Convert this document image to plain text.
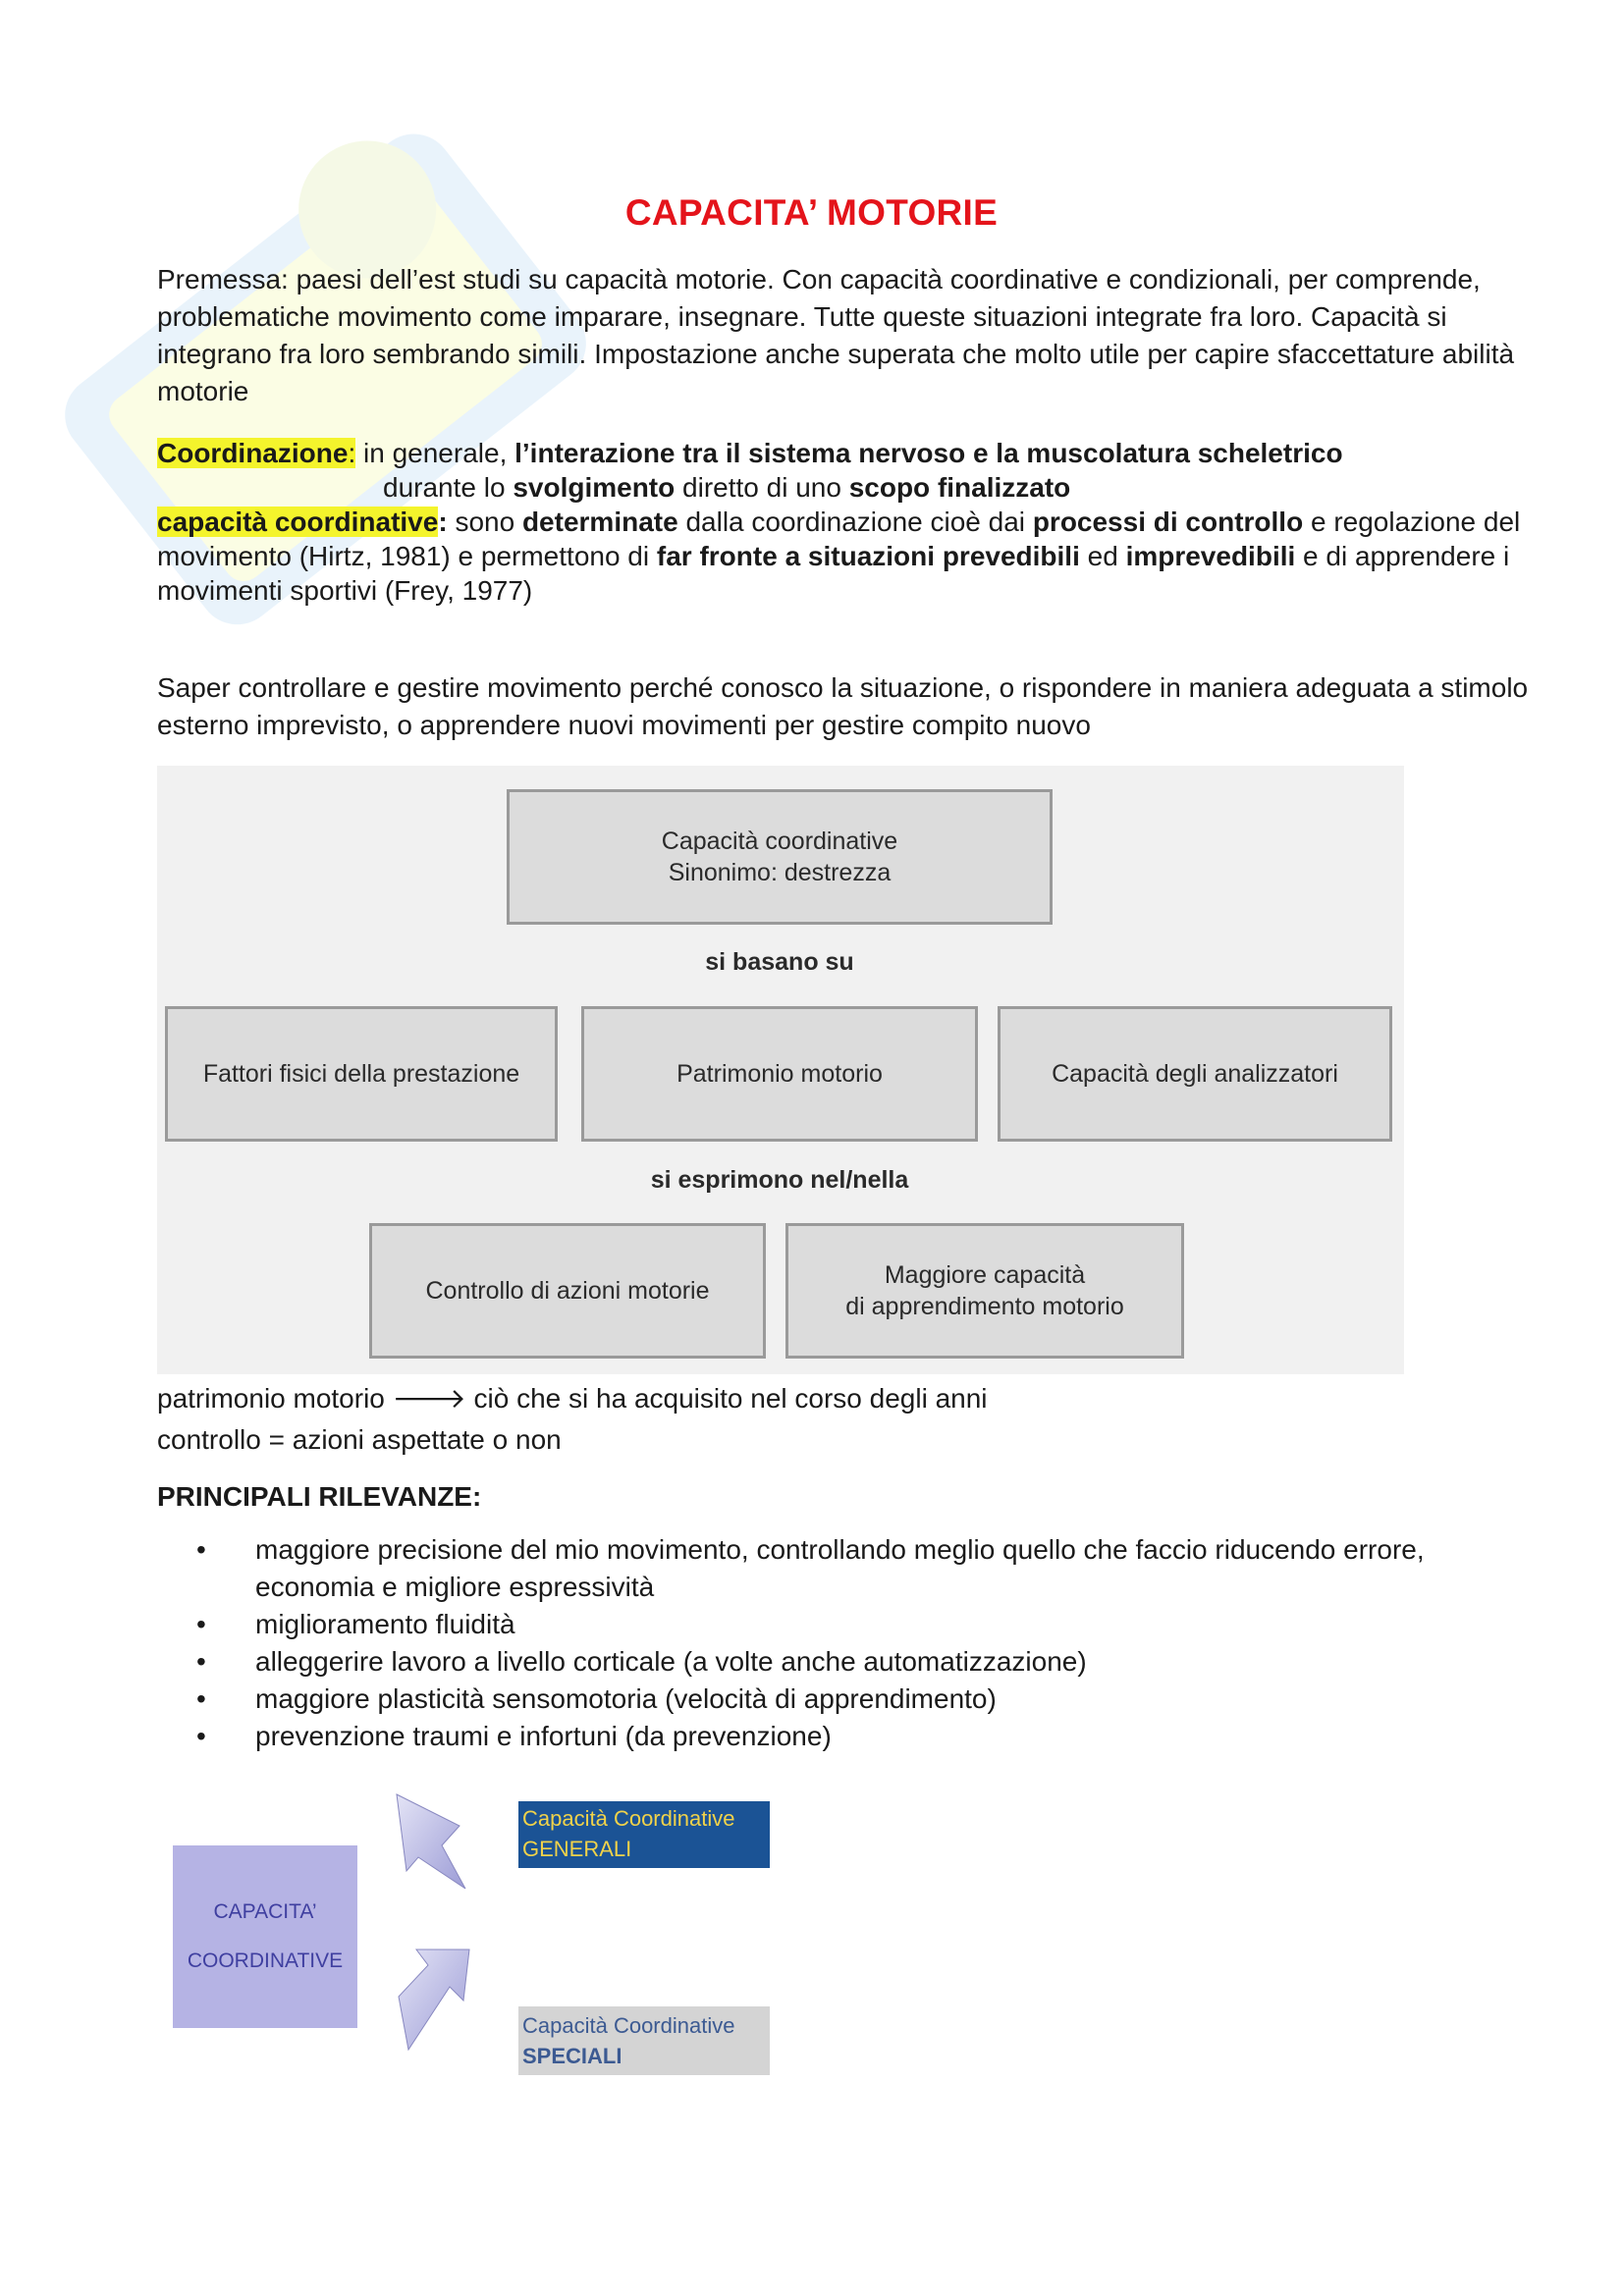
CAPACITA’ MOTORIE
Premessa: paesi dell’est studi su capacità motorie. Con capacità coordinative e condizionali, per comprende, problematiche movimento come imparare, insegnare. Tutte queste situazioni integrate fra loro. Capacità si integrano fra loro sembrando simili. Impostazione anche superata che molto utile per capire sfaccettature abilità motorie
Coordinazione: in generale, l’interazione tra il sistema nervoso e la muscolatura scheletrico
durante lo svolgimento diretto di uno scopo finalizzato
capacità coordinative: sono determinate dalla coordinazione cioè dai processi di controllo e regolazione del movimento (Hirtz, 1981) e permettono di far fronte a situazioni prevedibili ed imprevedibili e di apprendere i movimenti sportivi (Frey, 1977)
Saper controllare e gestire movimento perché conosco la situazione, o rispondere in maniera adeguata a stimolo esterno imprevisto, o apprendere nuovi movimenti per gestire compito nuovo
Capacità coordinative
Sinonimo: destrezza
si basano su
Fattori fisici della prestazione	Patrimonio motorio	Capacità degli analizzatori
si esprimono nel/nella
Controllo di azioni motorie
Maggiore capacità
di apprendimento motorio
patrimonio motorio 🡒 ciò che si ha acquisito nel corso degli anni
controllo = azioni aspettate o non
PRINCIPALI RILEVANZE:
• maggiore precisione del mio movimento, controllando meglio quello che faccio riducendo errore, economia e migliore espressività
• miglioramento fluidità
• alleggerire lavoro a livello corticale (a volte anche automatizzazione)
• maggiore plasticità sensomotoria (velocità di apprendimento)
• prevenzione traumi e infortuni (da prevenzione)
CAPACITA’
COORDINATIVE
Capacità Coordinative
GENERALI
Capacità Coordinative
SPECIALI
